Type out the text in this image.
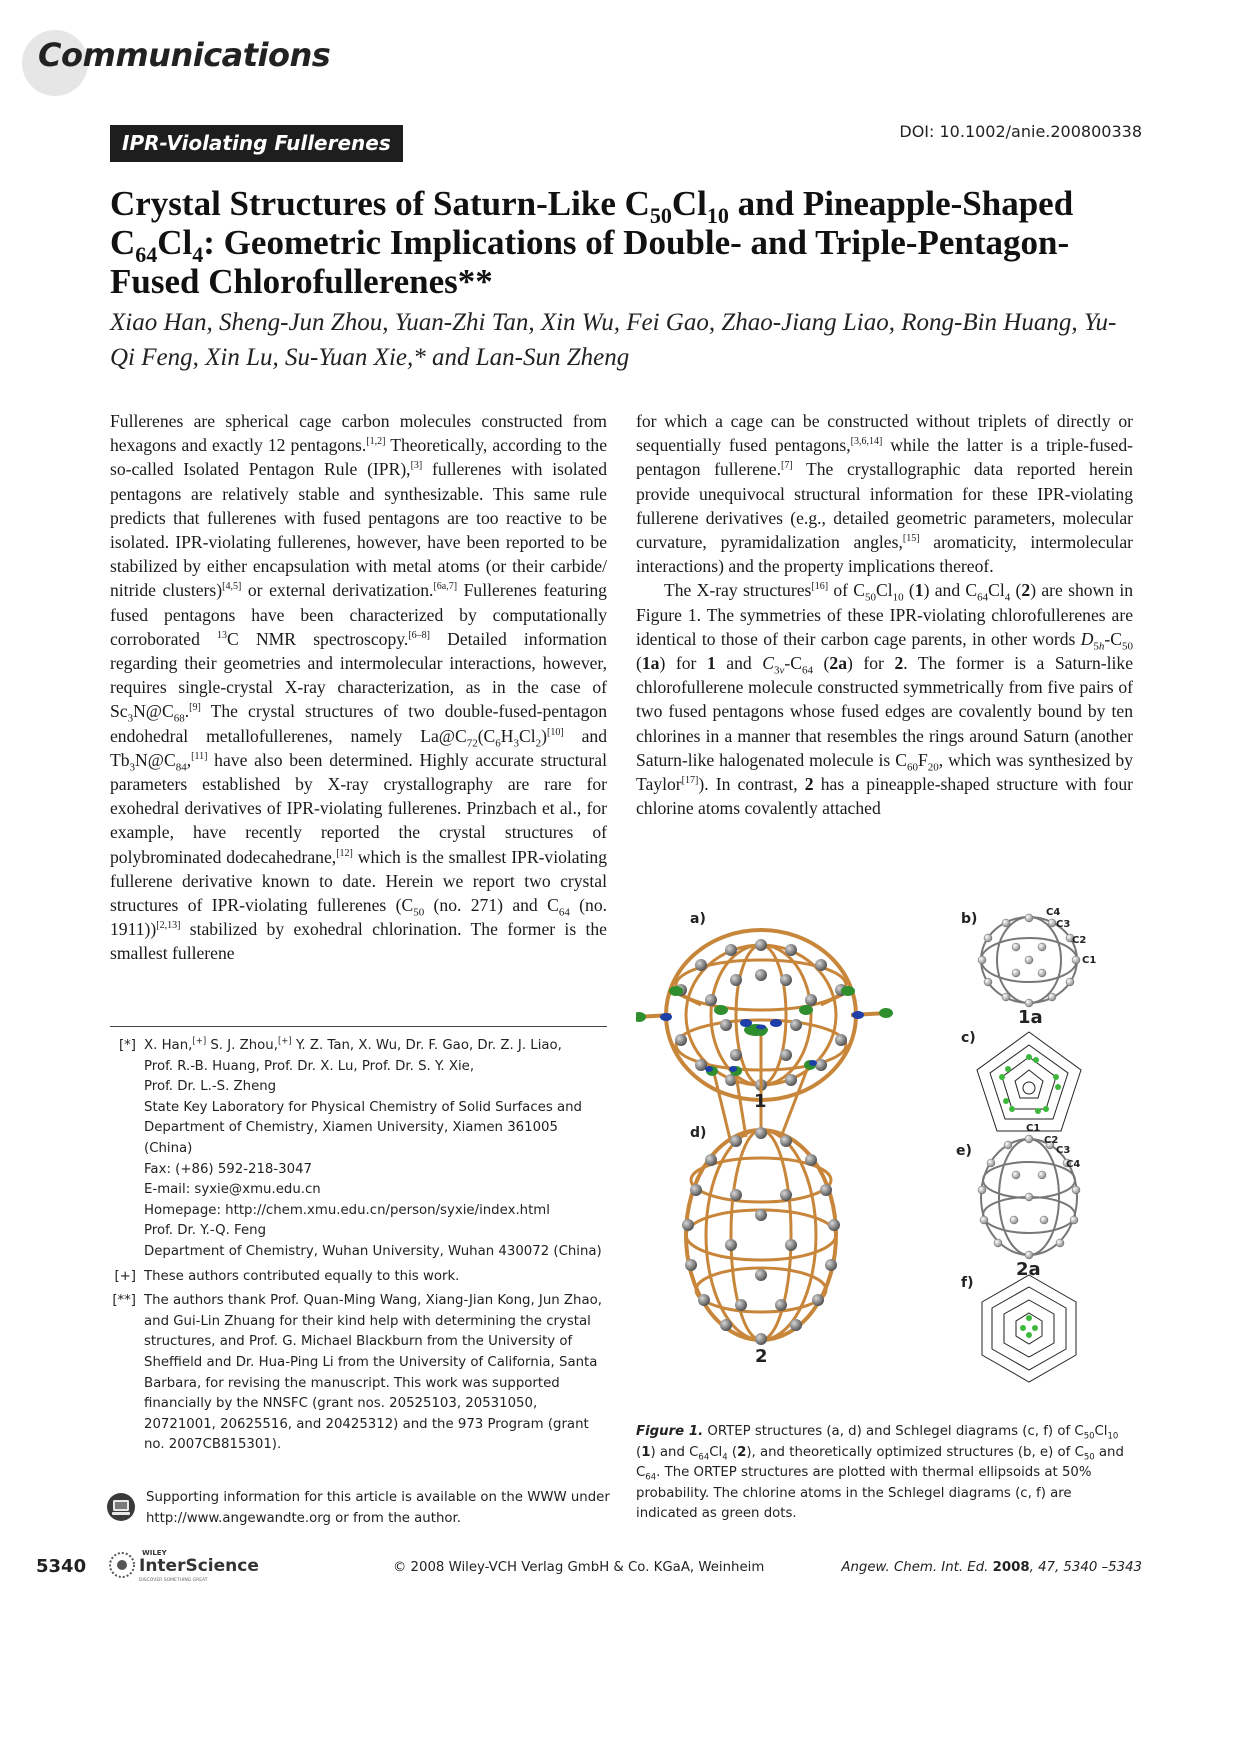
Communications
IPR-Violating Fullerenes	DOI: 10.1002/anie.200800338
Crystal Structures of Saturn-Like $C_{50}Cl_{10}$ and Pineapple-Shaped $C_{64}Cl_4$: Geometric Implications of Double- and Triple-Pentagon-Fused Chlorofullerenes**
Xiao Han, Sheng-Jun Zhou, Yuan-Zhi Tan, Xin Wu, Fei Gao, Zhao-Jiang Liao, Rong-Bin Huang, Yu-Qi Feng, Xin Lu, Su-Yuan Xie,* and Lan-Sun Zheng

Fullerenes are spherical cage carbon molecules constructed from hexagons and exactly 12 pentagons.[1,2] Theoretically, according to the so-called Isolated Pentagon Rule (IPR),[3] fullerenes with isolated pentagons are relatively stable and synthesizable. This same rule predicts that fullerenes with fused pentagons are too reactive to be isolated. IPR-violating fullerenes, however, have been reported to be stabilized by either encapsulation with metal atoms (or their carbide/ nitride clusters)[4,5] or external derivatization.[6a,7] Fullerenes featuring fused pentagons have been characterized by computationally corroborated $^{13}$C NMR spectroscopy.[6–8] Detailed information regarding their geometries and intermolecular interactions, however, requires single-crystal X-ray characterization, as in the case of $Sc_3N@C_{68}.[9]$ The crystal structures of two double-fused-pentagon endohedral metallofullerenes, namely $La@C_{72}(C_6H_3Cl_2)[10]$ and $Tb_3N@C_{84},[11]$ have also been determined. Highly accurate structural parameters established by X-ray crystallography are rare for exohedral derivatives of IPR-violating fullerenes. Prinzbach et al., for example, have recently reported the crystal structures of polybrominated dodecahedrane,[12] which is the smallest IPR-violating fullerene derivative known to date. Herein we report two crystal structures of IPR-violating fullerenes ($C_{50}$ (no. 271) and $C_{64}$ (no. 1911))[2,13] stabilized by exohedral chlorination. The former is the smallest fullerene

for which a cage can be constructed without triplets of directly or sequentially fused pentagons,[3,6,14] while the latter is a triple-fused-pentagon fullerene.[7] The crystallographic data reported herein provide unequivocal structural information for these IPR-violating fullerene derivatives (e.g., detailed geometric parameters, molecular curvature, pyramidalization angles,[15] aromaticity, intermolecular interactions) and the property implications thereof.

The X-ray structures[16] of $C_{50}Cl_{10}$ (1) and $C_{64}Cl_4$ (2) are shown in Figure 1. The symmetries of these IPR-violating chlorofullerenes are identical to those of their carbon cage parents, in other words $D_{5h}-C_{50}$ (1a) for 1 and $C_{3v}-C_{64}$ (2a) for 2. The former is a Saturn-like chlorofullerene molecule constructed symmetrically from five pairs of two fused pentagons whose fused edges are covalently bound by ten chlorines in a manner that resembles the rings around Saturn (another Saturn-like halogenated molecule is $C_{60}F_{20}$, which was synthesized by Taylor[17]). In contrast, 2 has a pineapple-shaped structure with four chlorine atoms covalently attached

[*] X. Han,[+] S. J. Zhou,[+] Y. Z. Tan, X. Wu, Dr. F. Gao, Dr. Z. J. Liao,
Prof. R.-B. Huang, Prof. Dr. X. Lu, Prof. Dr. S. Y. Xie,
Prof. Dr. L.-S. Zheng
State Key Laboratory for Physical Chemistry of Solid Surfaces and Department of Chemistry, Xiamen University, Xiamen 361005 (China)
Fax: (+86) 592-218-3047
E-mail: syxie@xmu.edu.cn
Homepage: http://chem.xmu.edu.cn/person/syxie/index.html
Prof. Dr. Y.-Q. Feng
Department of Chemistry, Wuhan University, Wuhan 430072 (China)
[+] These authors contributed equally to this work.
[**] The authors thank Prof. Quan-Ming Wang, Xiang-Jian Kong, Jun Zhao, and Gui-Lin Zhuang for their kind help with determining the crystal structures, and Prof. G. Michael Blackburn from the University of Sheffield and Dr. Hua-Ping Li from the University of California, Santa Barbara, for revising the manuscript. This work was supported financially by the NNSFC (grant nos. 20525103, 20531050, 20721001, 20625516, and 20425312) and the 973 Program (grant no. 2007CB815301).
Supporting information for this article is available on the WWW under http://www.angewandte.org or from the author.
a)	b)
c)
d)
e)
f)
1
1a
2
2a
C4
C3
C2
C1
C1
C2
C3
C4
Figure 1. ORTEP structures (a, d) and Schlegel diagrams (c, f) of $C_{50}Cl_{10}$ (1) and $C_{64}Cl_4$ (2), and theoretically optimized structures (b, e) of $C_{50}$ and $C_{64}$. The ORTEP structures are plotted with thermal ellipsoids at 50% probability. The chlorine atoms in the Schlegel diagrams (c, f) are indicated as green dots.
5340
WILEY
InterScience
DISCOVER SOMETHING GREAT
© 2008 Wiley-VCH Verlag GmbH & Co. KGaA, Weinheim	Angew. Chem. Int. Ed. 2008, 47, 5340 –5343
